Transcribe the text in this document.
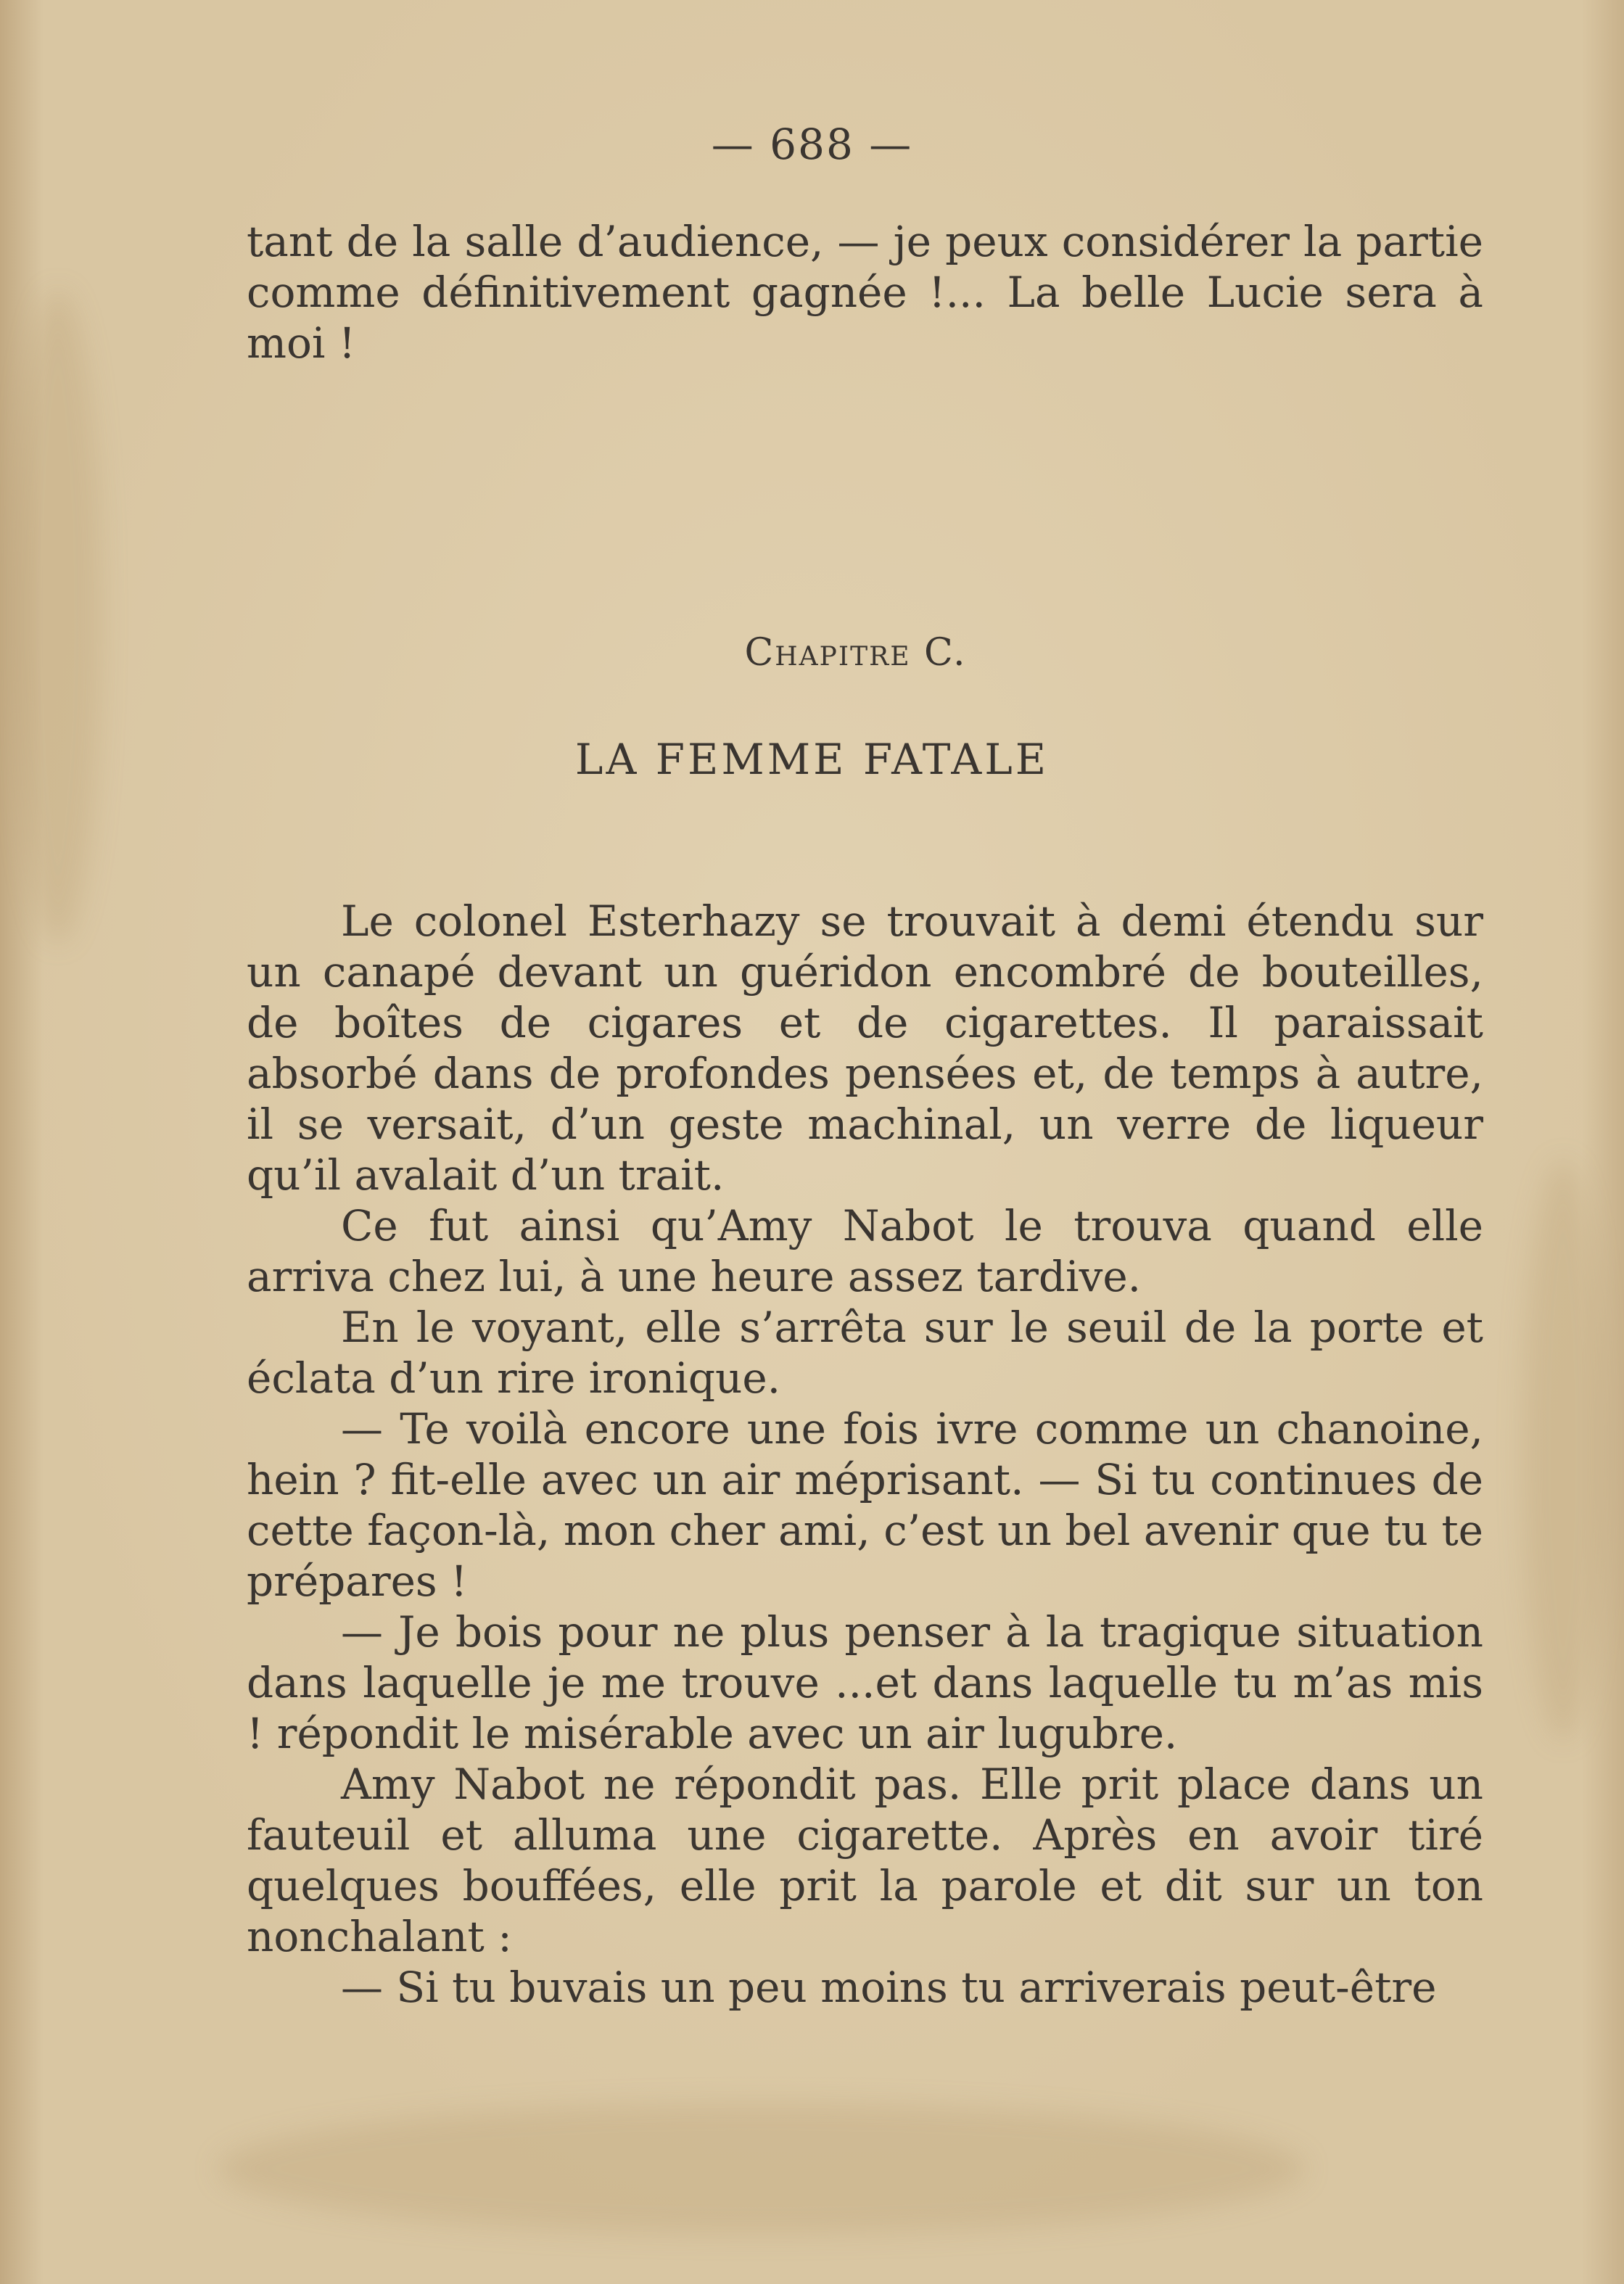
— 688 —

tant de la salle d’audience, — je peux considérer la partie comme définitivement gagnée !... La belle Lucie sera à moi !

Chapitre C.
LA FEMME FATALE

Le colonel Esterhazy se trouvait à demi étendu sur un canapé devant un guéridon encombré de bouteilles, de boîtes de cigares et de cigarettes. Il paraissait absorbé dans de profondes pensées et, de temps à autre, il se versait, d’un geste machinal, un verre de liqueur qu’il avalait d’un trait.

Ce fut ainsi qu’Amy Nabot le trouva quand elle arriva chez lui, à une heure assez tardive.

En le voyant, elle s’arrêta sur le seuil de la porte et éclata d’un rire ironique.

— Te voilà encore une fois ivre comme un chanoine, hein ? fit-elle avec un air méprisant. — Si tu continues de cette façon-là, mon cher ami, c’est un bel avenir que tu te prépares !

— Je bois pour ne plus penser à la tragique situation dans laquelle je me trouve ...et dans laquelle tu m’as mis ! répondit le misérable avec un air lugubre.

Amy Nabot ne répondit pas. Elle prit place dans un fauteuil et alluma une cigarette. Après en avoir tiré quelques bouffées, elle prit la parole et dit sur un ton nonchalant :

— Si tu buvais un peu moins tu arriverais peut-être
